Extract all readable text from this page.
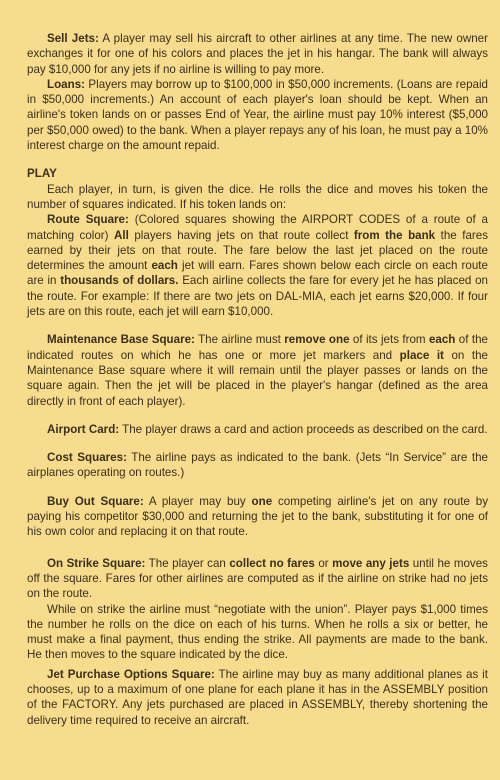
Sell Jets: A player may sell his aircraft to other airlines at any time. The new owner exchanges it for one of his colors and places the jet in his hangar. The bank will always pay $10,000 for any jets if no airline is willing to pay more.

Loans: Players may borrow up to $100,000 in $50,000 increments. (Loans are repaid in $50,000 increments.) An account of each player's loan should be kept. When an airline's token lands on or passes End of Year, the airline must pay 10% interest ($5,000 per $50,000 owed) to the bank. When a player repays any of his loan, he must pay a 10% interest charge on the amount repaid.

PLAY

Each player, in turn, is given the dice. He rolls the dice and moves his token the number of squares indicated. If his token lands on:

Route Square: (Colored squares showing the AIRPORT CODES of a route of a matching color) All players having jets on that route collect from the bank the fares earned by their jets on that route. The fare below the last jet placed on the route determines the amount each jet will earn. Fares shown below each circle on each route are in thousands of dollars. Each airline collects the fare for every jet he has placed on the route. For example: If there are two jets on DAL-MIA, each jet earns $20,000. If four jets are on this route, each jet will earn $10,000.

Maintenance Base Square: The airline must remove one of its jets from each of the indicated routes on which he has one or more jet markers and place it on the Maintenance Base square where it will remain until the player passes or lands on the square again. Then the jet will be placed in the player's hangar (defined as the area directly in front of each player).

Airport Card: The player draws a card and action proceeds as described on the card.

Cost Squares: The airline pays as indicated to the bank. (Jets “In Service” are the airplanes operating on routes.)

Buy Out Square: A player may buy one competing airline's jet on any route by paying his competitor $30,000 and returning the jet to the bank, substituting it for one of his own color and replacing it on that route.

On Strike Square: The player can collect no fares or move any jets until he moves off the square. Fares for other airlines are computed as if the airline on strike had no jets on the route.

While on strike the airline must “negotiate with the union”. Player pays $1,000 times the number he rolls on the dice on each of his turns. When he rolls a six or better, he must make a final payment, thus ending the strike. All payments are made to the bank. He then moves to the square indicated by the dice.

Jet Purchase Options Square: The airline may buy as many additional planes as it chooses, up to a maximum of one plane for each plane it has in the ASSEMBLY position of the FACTORY. Any jets purchased are placed in ASSEMBLY, thereby shortening the delivery time required to receive an aircraft.
